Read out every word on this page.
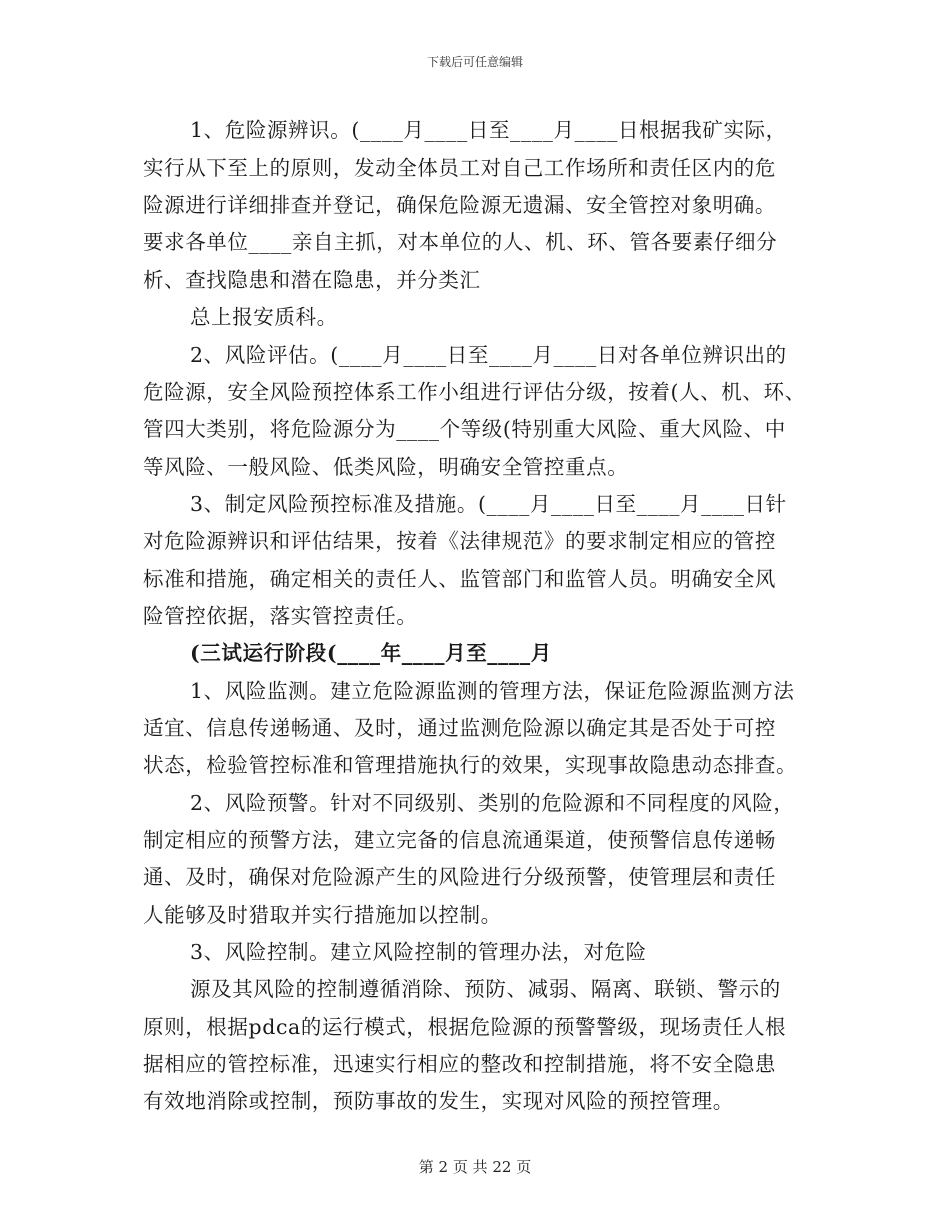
下载后可任意编辑
1、危险源辨识。(____月____日至____月____日根据我矿实际，
实行从下至上的原则，发动全体员工对自己工作场所和责任区内的危
险源进行详细排查并登记，确保危险源无遗漏、安全管控对象明确。
要求各单位____亲自主抓，对本单位的人、机、环、管各要素仔细分
析、查找隐患和潜在隐患，并分类汇
总上报安质科。
2、风险评估。(____月____日至____月____日对各单位辨识出的
危险源，安全风险预控体系工作小组进行评估分级，按着(人、机、环、
管四大类别，将危险源分为____个等级(特别重大风险、重大风险、中
等风险、一般风险、低类风险，明确安全管控重点。
3、制定风险预控标准及措施。(____月____日至____月____日针
对危险源辨识和评估结果，按着《法律规范》的要求制定相应的管控
标准和措施，确定相关的责任人、监管部门和监管人员。明确安全风
险管控依据，落实管控责任。
(三试运行阶段(____年____月至____月
1、风险监测。建立危险源监测的管理方法，保证危险源监测方法
适宜、信息传递畅通、及时，通过监测危险源以确定其是否处于可控
状态，检验管控标准和管理措施执行的效果，实现事故隐患动态排查。
2、风险预警。针对不同级别、类别的危险源和不同程度的风险，
制定相应的预警方法，建立完备的信息流通渠道，使预警信息传递畅
通、及时，确保对危险源产生的风险进行分级预警，使管理层和责任
人能够及时猎取并实行措施加以控制。
3、风险控制。建立风险控制的管理办法，对危险
源及其风险的控制遵循消除、预防、减弱、隔离、联锁、警示的
原则，根据pdca的运行模式，根据危险源的预警警级，现场责任人根
据相应的管控标准，迅速实行相应的整改和控制措施，将不安全隐患
有效地消除或控制，预防事故的发生，实现对风险的预控管理。
第 2 页 共 22 页
